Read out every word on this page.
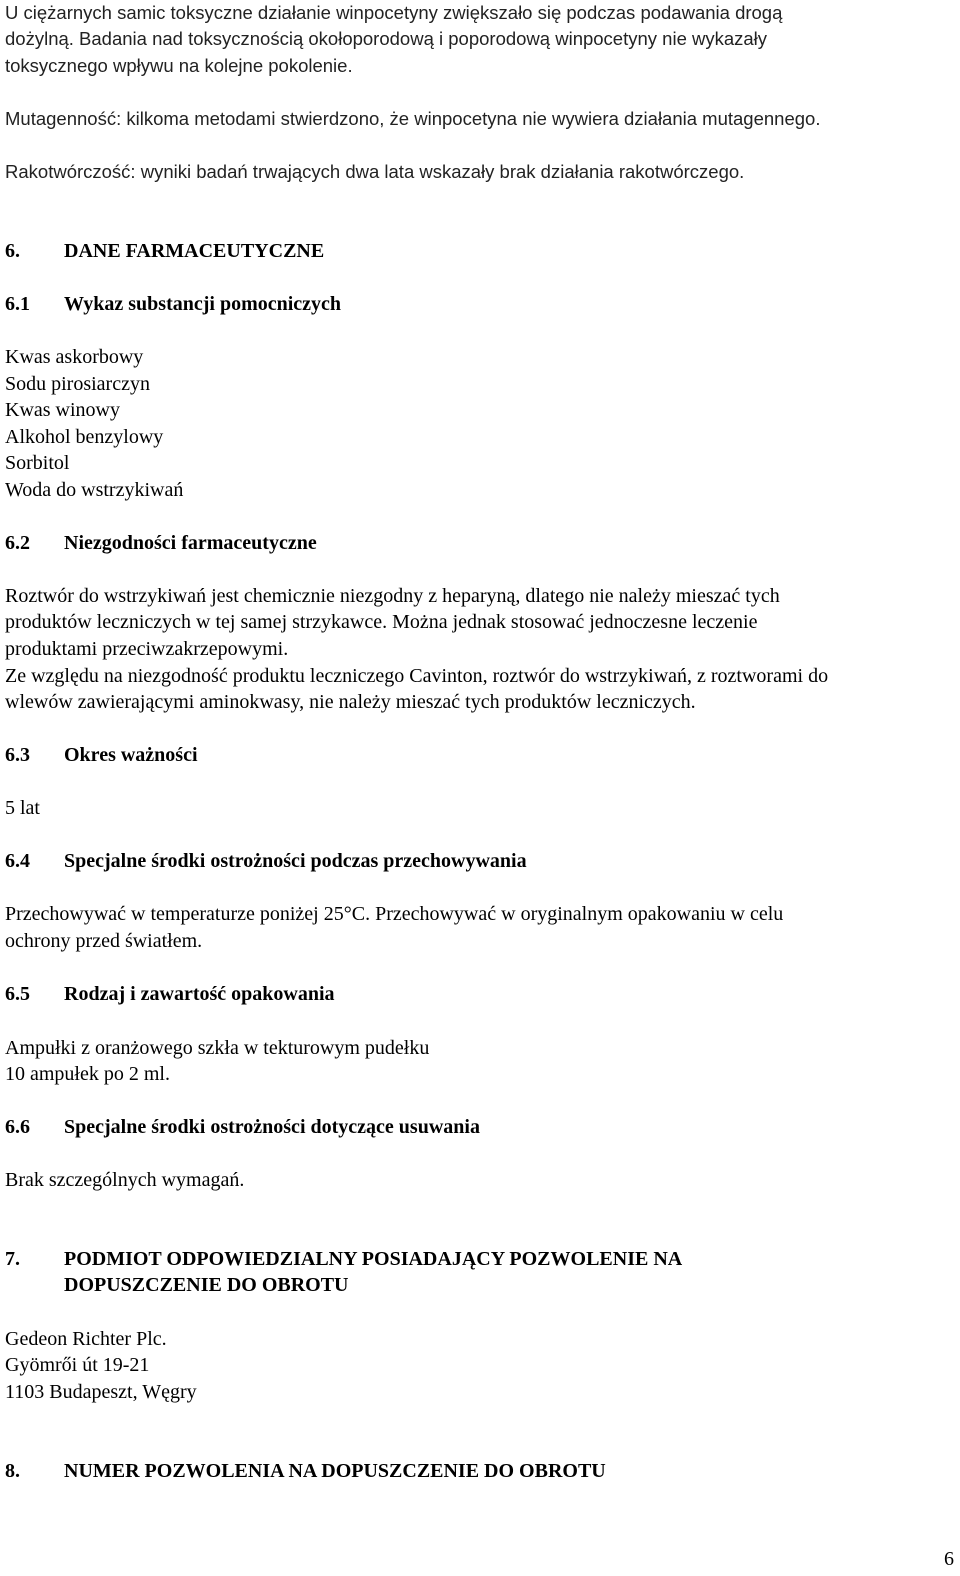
U ciężarnych samic toksyczne działanie winpocetyny zwiększało się podczas podawania drogą
dożylną. Badania nad toksycznością okołoporodową i poporodową winpocetyny nie wykazały
toksycznego wpływu na kolejne pokolenie.
Mutagenność: kilkoma metodami stwierdzono, że winpocetyna nie wywiera działania mutagennego.
Rakotwórczość: wyniki badań trwających dwa lata wskazały brak działania rakotwórczego.
6. DANE FARMACEUTYCZNE
6.1 Wykaz substancji pomocniczych
Kwas askorbowy
Sodu pirosiarczyn
Kwas winowy
Alkohol benzylowy
Sorbitol
Woda do wstrzykiwań
6.2 Niezgodności farmaceutyczne
Roztwór do wstrzykiwań jest chemicznie niezgodny z heparyną, dlatego nie należy mieszać tych
produktów leczniczych w tej samej strzykawce. Można jednak stosować jednoczesne leczenie
produktami przeciwzakrzepowymi.
Ze względu na niezgodność produktu leczniczego Cavinton, roztwór do wstrzykiwań, z roztworami do
wlewów zawierającymi aminokwasy, nie należy mieszać tych produktów leczniczych.
6.3 Okres ważności
5 lat
6.4 Specjalne środki ostrożności podczas przechowywania
Przechowywać w temperaturze poniżej 25°C. Przechowywać w oryginalnym opakowaniu w celu
ochrony przed światłem.
6.5 Rodzaj i zawartość opakowania
Ampułki z oranżowego szkła w tekturowym pudełku
10 ampułek po 2 ml.
6.6 Specjalne środki ostrożności dotyczące usuwania
Brak szczególnych wymagań.
7. PODMIOT ODPOWIEDZIALNY POSIADAJĄCY POZWOLENIE NA
DOPUSZCZENIE DO OBROTU
Gedeon Richter Plc.
Gyömrői út 19-21
1103 Budapeszt, Węgry
8. NUMER POZWOLENIA NA DOPUSZCZENIE DO OBROTU
6
